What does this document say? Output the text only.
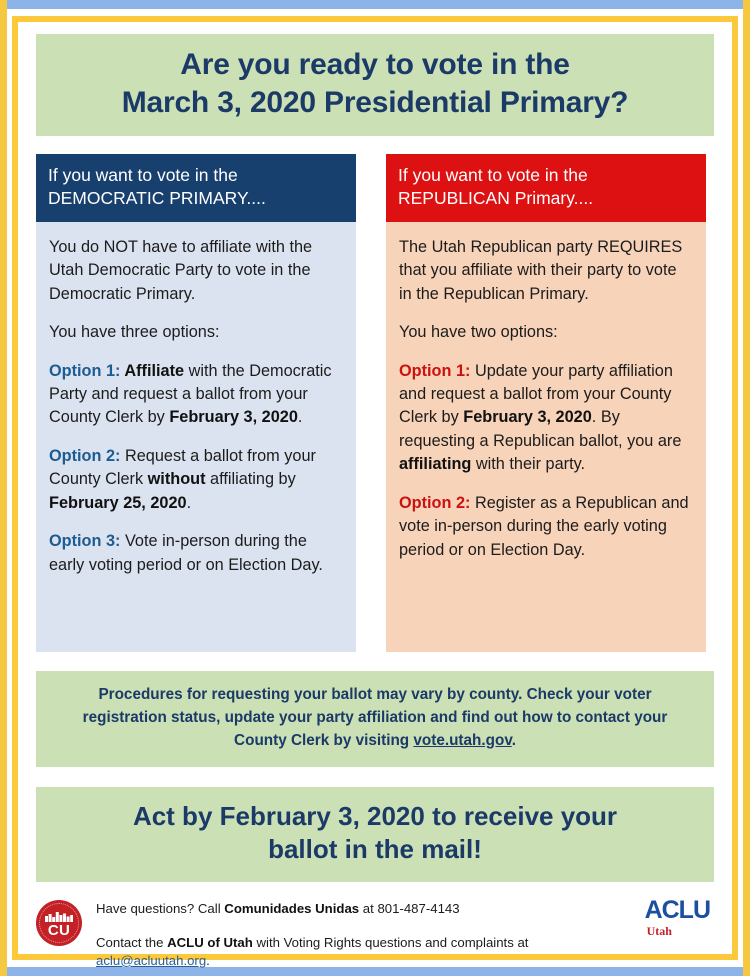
Are you ready to vote in the
March 3, 2020 Presidential Primary?
If you want to vote in the
DEMOCRATIC PRIMARY....

You do NOT have to affiliate with the Utah Democratic Party to vote in the Democratic Primary.

You have three options:

Option 1: Affiliate with the Democratic Party and request a ballot from your County Clerk by February 3, 2020.

Option 2: Request a ballot from your County Clerk without affiliating by February 25, 2020.

Option 3: Vote in-person during the early voting period or on Election Day.

If you want to vote in the
REPUBLICAN Primary....

The Utah Republican party REQUIRES that you affiliate with their party to vote in the Republican Primary.

You have two options:

Option 1: Update your party affiliation and request a ballot from your County Clerk by February 3, 2020. By requesting a Republican ballot, you are affiliating with their party.

Option 2: Register as a Republican and vote in-person during the early voting period or on Election Day.

Procedures for requesting your ballot may vary by county. Check your voter registration status, update your party affiliation and find out how to contact your County Clerk by visiting vote.utah.gov.
Act by February 3, 2020 to receive your
ballot in the mail!
CU
Have questions? Call Comunidades Unidas at 801-487-4143
Contact the ACLU of Utah with Voting Rights questions and complaints at aclu@acluutah.org.
ACLU
Utah
